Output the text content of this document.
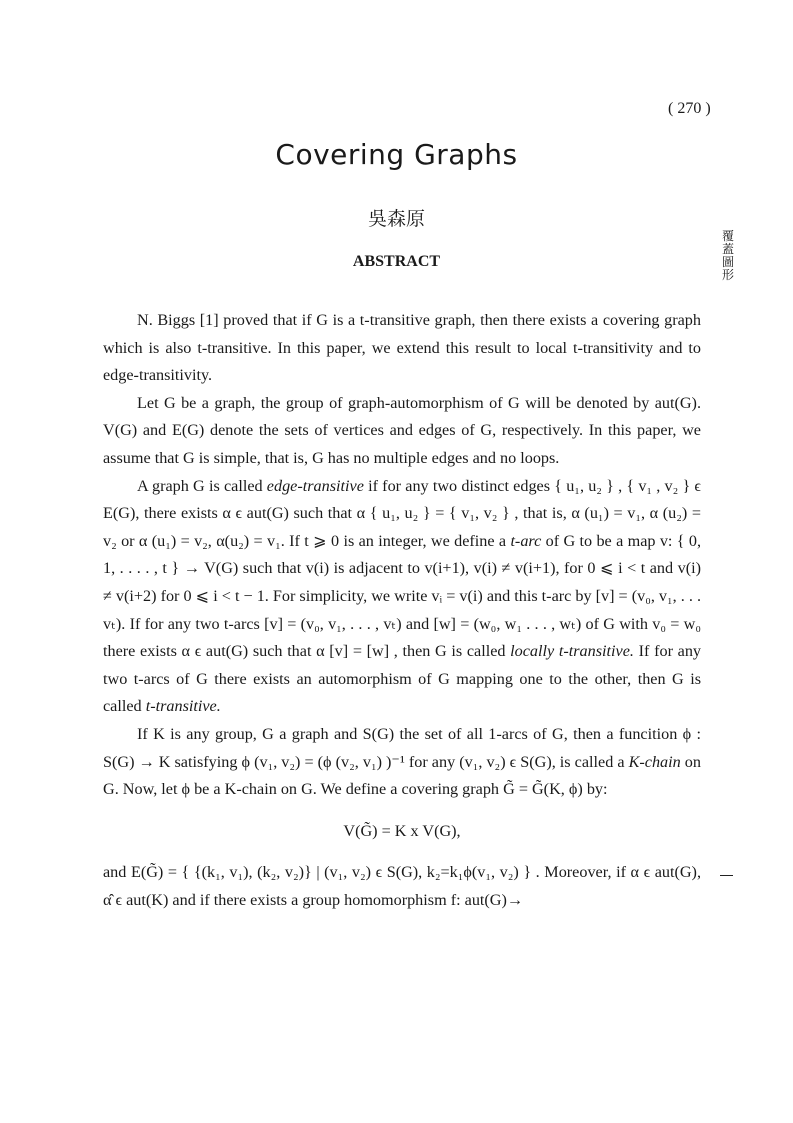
( 270 )
Covering Graphs
吳森原
ABSTRACT
覆
蓋
圖
形

N. Biggs [1] proved that if G is a t-transitive graph, then there exists a covering graph which is also t-transitive. In this paper, we extend this result to local t-transitivity and to edge-transitivity.

Let G be a graph, the group of graph-automorphism of G will be denoted by aut(G). V(G) and E(G) denote the sets of vertices and edges of G, respectively. In this paper, we assume that G is simple, that is, G has no multiple edges and no loops.

A graph G is called edge-transitive if for any two distinct edges { u₁, u₂ } , { v₁ , v₂ } ϵ E(G), there exists α ϵ aut(G) such that α { u₁, u₂ } = { v₁, v₂ } , that is, α (u₁) = v₁, α (u₂) = v₂ or α (u₁) = v₂, α(u₂) = v₁. If t ⩾ 0 is an integer, we define a t-arc of G to be a map v: { 0, 1, . . . . , t } → V(G) such that v(i) is adjacent to v(i+1), v(i) ≠ v(i+1), for 0 ⩽ i < t and v(i) ≠ v(i+2) for 0 ⩽ i < t − 1. For simplicity, we write vᵢ = v(i) and this t-arc by [v] = (v₀, v₁, . . . vₜ). If for any two t-arcs [v] = (v₀, v₁, . . . , vₜ) and [w] = (w₀, w₁ . . . , wₜ) of G with v₀ = w₀ there exists α ϵ aut(G) such that α [v] = [w] , then G is called locally t-transitive. If for any two t-arcs of G there exists an automorphism of G mapping one to the other, then G is called t-transitive.

If K is any group, G a graph and S(G) the set of all 1-arcs of G, then a funcition ϕ : S(G) → K satisfying ϕ (v₁, v₂) = (ϕ (v₂, v₁) )⁻¹ for any (v₁, v₂) ϵ S(G), is called a K-chain on G. Now, let ϕ be a K-chain on G. We define a covering graph G̃ = G̃(K, ϕ) by:

V(G̃) = K x V(G),

and E(G̃) = { {(k₁, v₁), (k₂, v₂)} | (v₁, v₂) ϵ S(G), k₂=k₁ϕ(v₁, v₂) } . Moreover, if α ϵ aut(G), α̂ ϵ aut(K) and if there exists a group homomorphism f: aut(G)→
